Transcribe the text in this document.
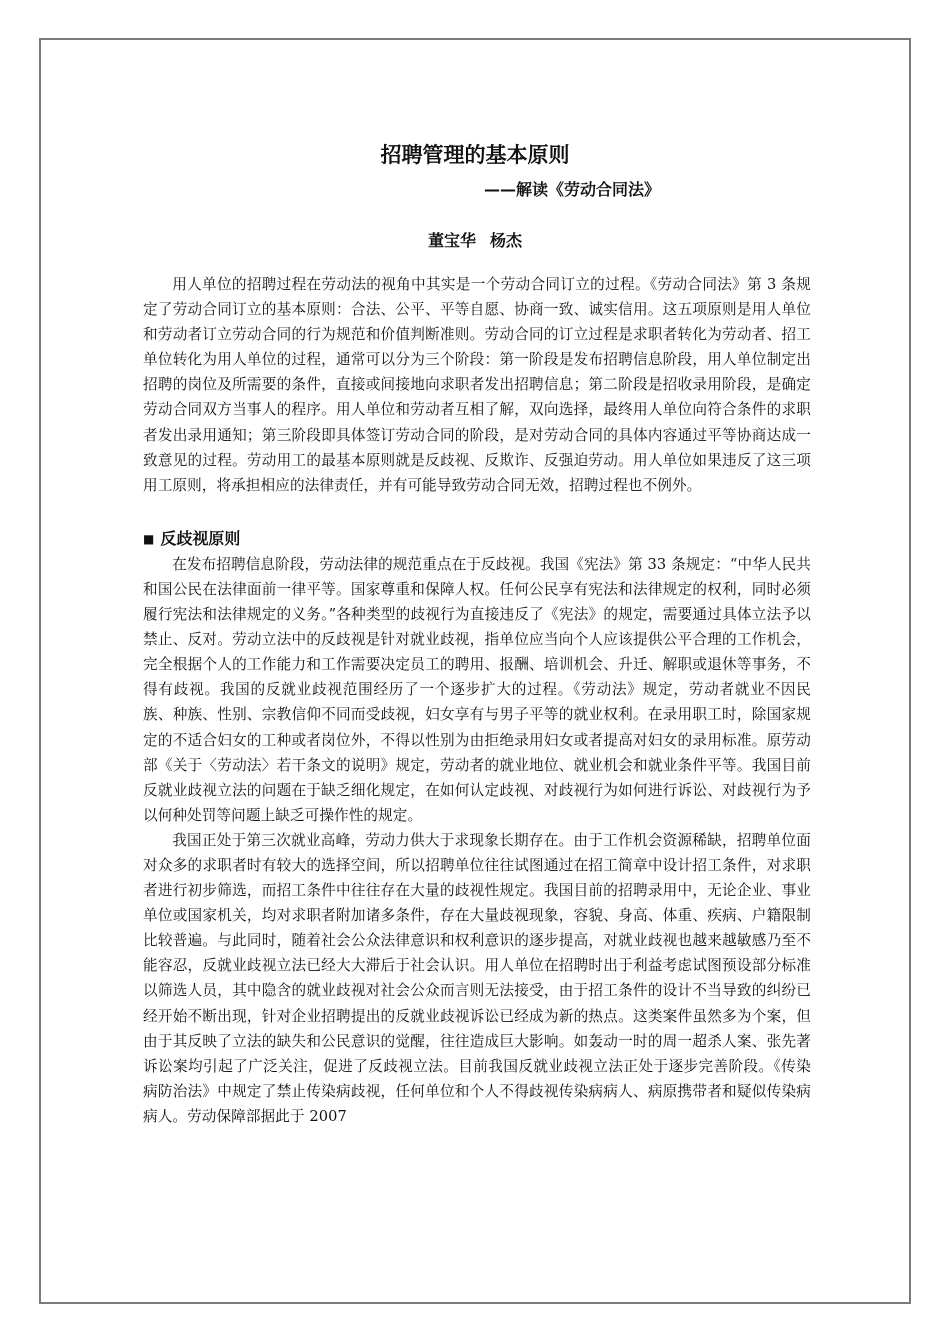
招聘管理的基本原则
——解读《劳动合同法》
董宝华 杨杰

用人单位的招聘过程在劳动法的视角中其实是一个劳动合同订立的过程。《劳动合同法》第 3 条规定了劳动合同订立的基本原则：合法、公平、平等自愿、协商一致、诚实信用。这五项原则是用人单位和劳动者订立劳动合同的行为规范和价值判断准则。劳动合同的订立过程是求职者转化为劳动者、招工单位转化为用人单位的过程，通常可以分为三个阶段：第一阶段是发布招聘信息阶段，用人单位制定出招聘的岗位及所需要的条件，直接或间接地向求职者发出招聘信息；第二阶段是招收录用阶段，是确定劳动合同双方当事人的程序。用人单位和劳动者互相了解，双向选择，最终用人单位向符合条件的求职者发出录用通知；第三阶段即具体签订劳动合同的阶段，是对劳动合同的具体内容通过平等协商达成一致意见的过程。劳动用工的最基本原则就是反歧视、反欺诈、反强迫劳动。用人单位如果违反了这三项用工原则，将承担相应的法律责任，并有可能导致劳动合同无效，招聘过程也不例外。

■ 反歧视原则

在发布招聘信息阶段，劳动法律的规范重点在于反歧视。我国《宪法》第 33 条规定：“中华人民共和国公民在法律面前一律平等。国家尊重和保障人权。任何公民享有宪法和法律规定的权利，同时必须履行宪法和法律规定的义务。”各种类型的歧视行为直接违反了《宪法》的规定，需要通过具体立法予以禁止、反对。劳动立法中的反歧视是针对就业歧视，指单位应当向个人应该提供公平合理的工作机会，完全根据个人的工作能力和工作需要决定员工的聘用、报酬、培训机会、升迁、解职或退休等事务，不得有歧视。我国的反就业歧视范围经历了一个逐步扩大的过程。《劳动法》规定，劳动者就业不因民族、种族、性别、宗教信仰不同而受歧视，妇女享有与男子平等的就业权利。在录用职工时，除国家规定的不适合妇女的工种或者岗位外，不得以性别为由拒绝录用妇女或者提高对妇女的录用标准。原劳动部《关于〈劳动法〉若干条文的说明》规定，劳动者的就业地位、就业机会和就业条件平等。我国目前反就业歧视立法的问题在于缺乏细化规定，在如何认定歧视、对歧视行为如何进行诉讼、对歧视行为予以何种处罚等问题上缺乏可操作性的规定。

我国正处于第三次就业高峰，劳动力供大于求现象长期存在。由于工作机会资源稀缺，招聘单位面对众多的求职者时有较大的选择空间，所以招聘单位往往试图通过在招工简章中设计招工条件，对求职者进行初步筛选，而招工条件中往往存在大量的歧视性规定。我国目前的招聘录用中，无论企业、事业单位或国家机关，均对求职者附加诸多条件，存在大量歧视现象，容貌、身高、体重、疾病、户籍限制比较普遍。与此同时，随着社会公众法律意识和权利意识的逐步提高，对就业歧视也越来越敏感乃至不能容忍，反就业歧视立法已经大大滞后于社会认识。用人单位在招聘时出于利益考虑试图预设部分标准以筛选人员，其中隐含的就业歧视对社会公众而言则无法接受，由于招工条件的设计不当导致的纠纷已经开始不断出现，针对企业招聘提出的反就业歧视诉讼已经成为新的热点。这类案件虽然多为个案，但由于其反映了立法的缺失和公民意识的觉醒，往往造成巨大影响。如轰动一时的周一超杀人案、张先著诉讼案均引起了广泛关注，促进了反歧视立法。目前我国反就业歧视立法正处于逐步完善阶段。《传染病防治法》中规定了禁止传染病歧视，任何单位和个人不得歧视传染病病人、病原携带者和疑似传染病病人。劳动保障部据此于 2007
